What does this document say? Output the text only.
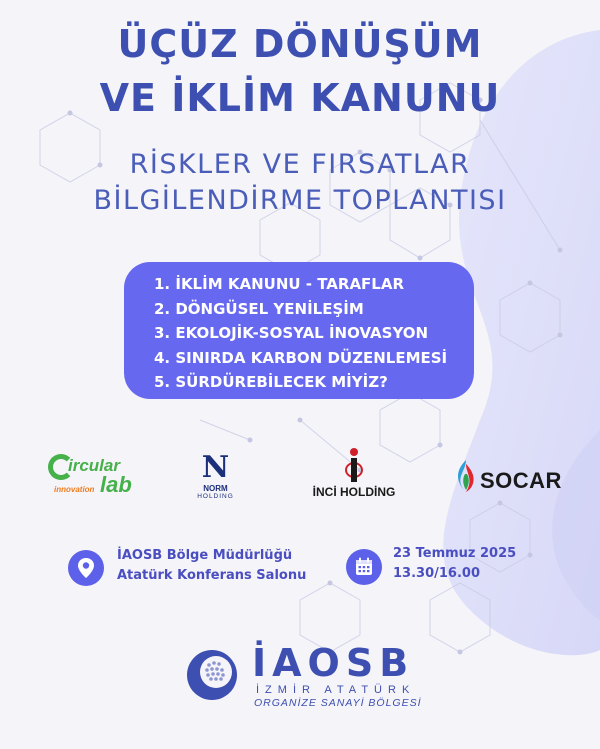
ÜÇÜZ DÖNÜŞÜM
VE İKLİM KANUNU
RİSKLER VE FIRSATLAR
BİLGİLENDİRME TOPLANTISI
1. İKLİM KANUNU - TARAFLAR
2. DÖNGÜSEL YENİLEŞİM
3. EKOLOJİK-SOSYAL İNOVASYON
4. SINIRDA KARBON DÜZENLEMESİ
5. SÜRDÜREBİLECEK MİYİZ?
ircular
lab
innovation
N
NORM
HOLDING	İNCİ HOLDİNG	SOCAR
İAOSB Bölge Müdürlüğü
Atatürk Konferans Salonu
23 Temmuz 2025
13.30/16.00
İAOSB
İZMİR ATATÜRK
ORGANİZE SANAYİ BÖLGESİ
